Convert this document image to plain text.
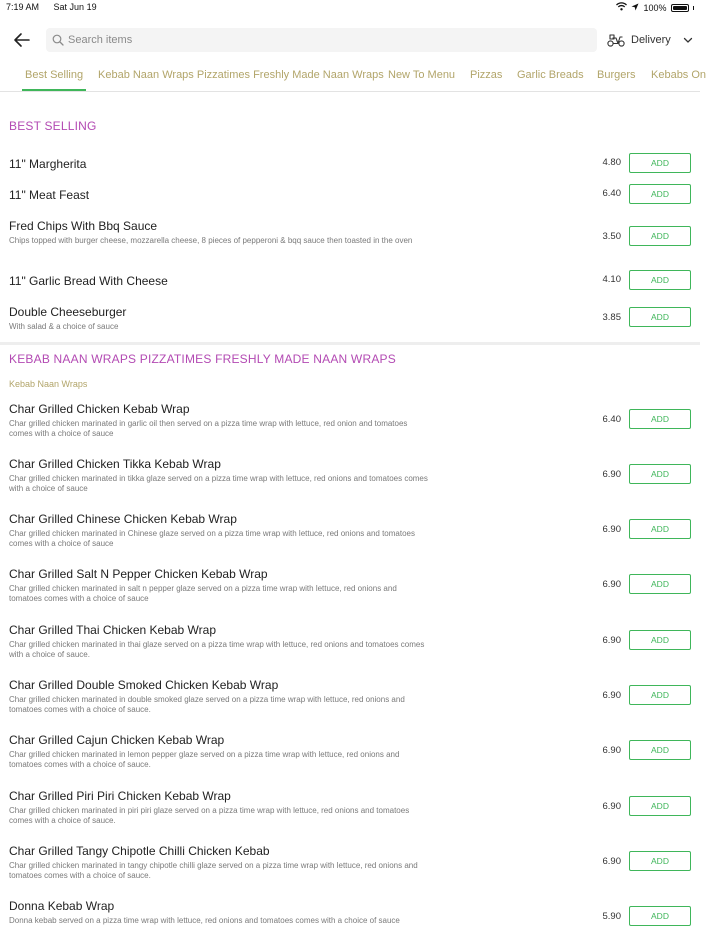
7:19 AM Sat Jun 19	100%
Search items
Delivery
Best Selling Kebab Naan Wraps Pizzatimes Freshly Made Naan Wraps New To Menu Pizzas Garlic Breads Burgers Kebabs On
BEST SELLING
11" Margherita	4.80	ADD
11" Meat Feast	6.40	ADD
Fred Chips With Bbq Sauce
Chips topped with burger cheese, mozzarella cheese, 8 pieces of pepperoni & bqq sauce then toasted in the oven	3.50	ADD
11" Garlic Bread With Cheese	4.10	ADD
Double Cheeseburger
With salad & a choice of sauce
3.85	ADD
KEBAB NAAN WRAPS PIZZATIMES FRESHLY MADE NAAN WRAPS
Kebab Naan Wraps
Char Grilled Chicken Kebab Wrap
Char grilled chicken marinated in garlic oil then served on a pizza time wrap with lettuce, red onion and tomatoes comes with a choice of sauce
6.40	ADD
Char Grilled Chicken Tikka Kebab Wrap
Char grilled chicken marinated in tikka glaze served on a pizza time wrap with lettuce, red onions and tomatoes comes with a choice of sauce
6.90	ADD
Char Grilled Chinese Chicken Kebab Wrap
Char grilled chicken marinated in Chinese glaze served on a pizza time wrap with lettuce, red onions and tomatoes comes with a choice of sauce
6.90	ADD
Char Grilled Salt N Pepper Chicken Kebab Wrap
Char grilled chicken marinated in salt n pepper glaze served on a pizza time wrap with lettuce, red onions and tomatoes comes with a choice of sauce
6.90	ADD
Char Grilled Thai Chicken Kebab Wrap
Char grilled chicken marinated in thai glaze served on a pizza time wrap with lettuce, red onions and tomatoes comes with a choice of sauce.
6.90	ADD
Char Grilled Double Smoked Chicken Kebab Wrap
Char grilled chicken marinated in double smoked glaze served on a pizza time wrap with lettuce, red onions and tomatoes comes with a choice of sauce.
6.90	ADD
Char Grilled Cajun Chicken Kebab Wrap
Char grilled chicken marinated in lemon pepper glaze served on a pizza time wrap with lettuce, red onions and tomatoes comes with a choice of sauce.
6.90	ADD
Char Grilled Piri Piri Chicken Kebab Wrap
Char grilled chicken marinated in piri piri glaze served on a pizza time wrap with lettuce, red onions and tomatoes comes with a choice of sauce.
6.90	ADD
Char Grilled Tangy Chipotle Chilli Chicken Kebab
Char grilled chicken marinated in tangy chipotle chilli glaze served on a pizza time wrap with lettuce, red onions and tomatoes comes with a choice of sauce.
6.90	ADD
Donna Kebab Wrap
Donna kebab served on a pizza time wrap with lettuce, red onions and tomatoes comes with a choice of sauce	5.90	ADD
